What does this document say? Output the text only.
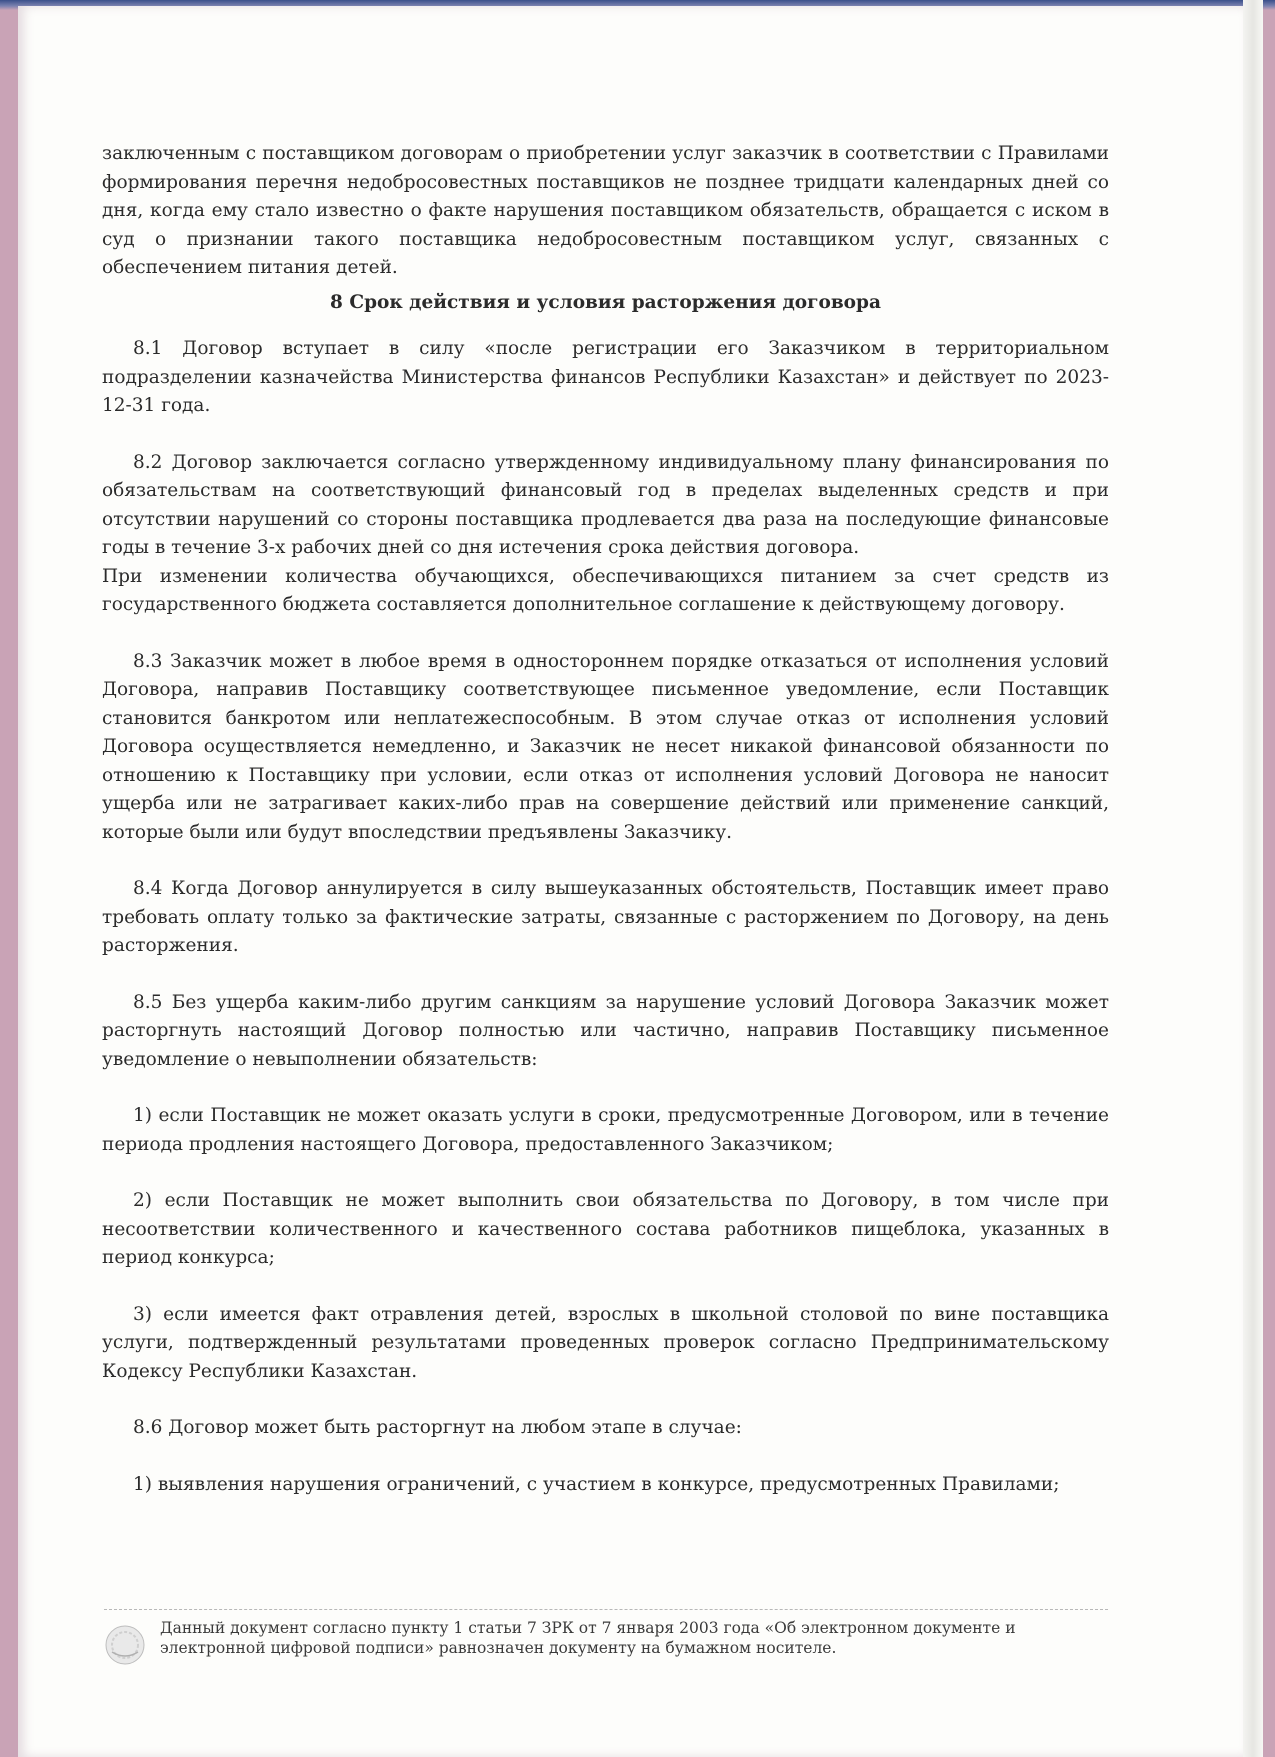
заключенным с поставщиком договорам о приобретении услуг заказчик в соответствии с Правилами формирования перечня недобросовестных поставщиков не позднее тридцати календарных дней со дня, когда ему стало известно о факте нарушения поставщиком обязательств, обращается с иском в суд о признании такого поставщика недобросовестным поставщиком услуг, связанных с обеспечением питания детей.

8 Срок действия и условия расторжения договора

8.1 Договор вступает в силу «после регистрации его Заказчиком в территориальном подразделении казначейства Министерства финансов Республики Казахстан» и действует по 2023-12-31 года.

8.2 Договор заключается согласно утвержденному индивидуальному плану финансирования по обязательствам на соответствующий финансовый год в пределах выделенных средств и при отсутствии нарушений со стороны поставщика продлевается два раза на последующие финансовые годы в течение 3-х рабочих дней со дня истечения срока действия договора.

При изменении количества обучающихся, обеспечивающихся питанием за счет средств из государственного бюджета составляется дополнительное соглашение к действующему договору.

8.3 Заказчик может в любое время в одностороннем порядке отказаться от исполнения условий Договора, направив Поставщику соответствующее письменное уведомление, если Поставщик становится банкротом или неплатежеспособным. В этом случае отказ от исполнения условий Договора осуществляется немедленно, и Заказчик не несет никакой финансовой обязанности по отношению к Поставщику при условии, если отказ от исполнения условий Договора не наносит ущерба или не затрагивает каких-либо прав на совершение действий или применение санкций, которые были или будут впоследствии предъявлены Заказчику.

8.4 Когда Договор аннулируется в силу вышеуказанных обстоятельств, Поставщик имеет право требовать оплату только за фактические затраты, связанные с расторжением по Договору, на день расторжения.

8.5 Без ущерба каким-либо другим санкциям за нарушение условий Договора Заказчик может расторгнуть настоящий Договор полностью или частично, направив Поставщику письменное уведомление о невыполнении обязательств:

1) если Поставщик не может оказать услуги в сроки, предусмотренные Договором, или в течение периода продления настоящего Договора, предоставленного Заказчиком;

2) если Поставщик не может выполнить свои обязательства по Договору, в том числе при несоответствии количественного и качественного состава работников пищеблока, указанных в период конкурса;

3) если имеется факт отравления детей, взрослых в школьной столовой по вине поставщика услуги, подтвержденный результатами проведенных проверок согласно Предпринимательскому Кодексу Республики Казахстан.

8.6 Договор может быть расторгнут на любом этапе в случае:

1) выявления нарушения ограничений, с участием в конкурсе, предусмотренных Правилами;

Данный документ согласно пункту 1 статьи 7 ЗРК от 7 января 2003 года «Об электронном документе и
электронной цифровой подписи» равнозначен документу на бумажном носителе.
